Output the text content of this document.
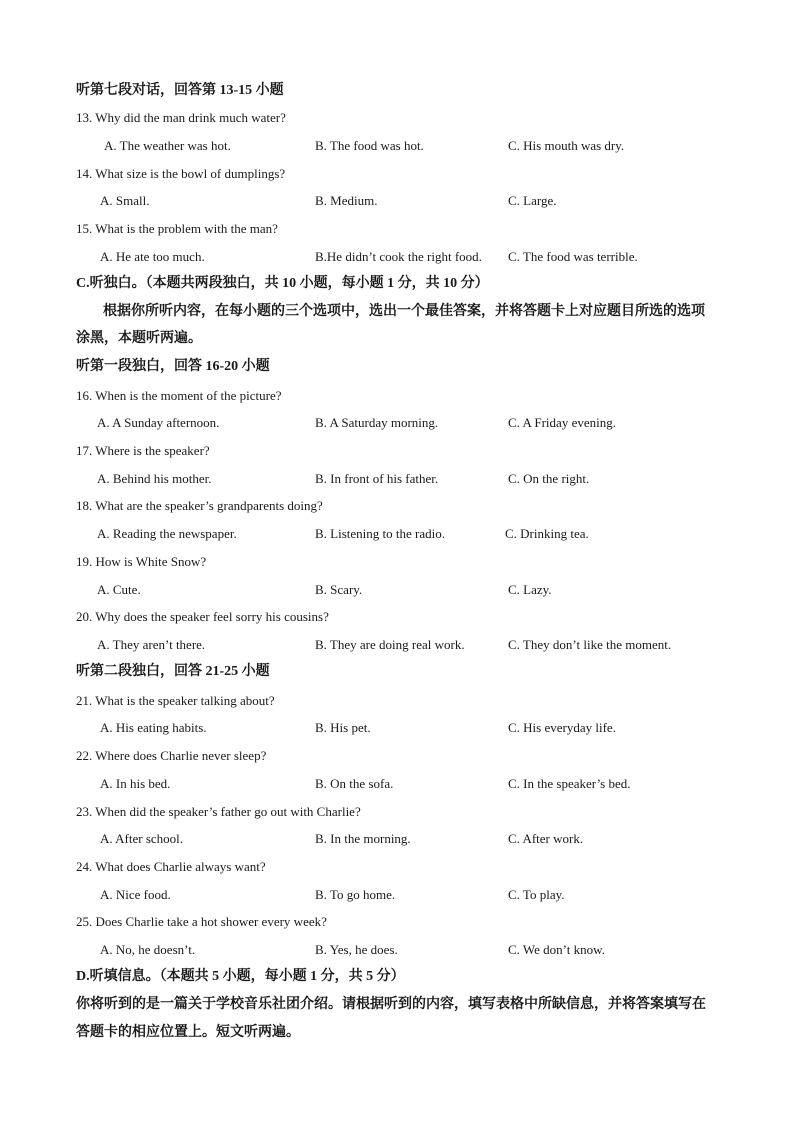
听第七段对话，回答第 13-15 小题
13. Why did the man drink much water?
A. The weather was hot.	B. The food was hot.	C. His mouth was dry.
14. What size is the bowl of dumplings?
A. Small.	B. Medium.	C. Large.
15. What is the problem with the man?
A. He ate too much.	B.He didn’t cook the right food. C. The food was terrible.
C.听独白。（本题共两段独白，共 10 小题，每小题 1 分，共 10 分）
根据你所听内容，在每小题的三个选项中，选出一个最佳答案，并将答题卡上对应题目所选的选项
涂黑，本题听两遍。
听第一段独白，回答 16-20 小题
16. When is the moment of the picture?
A. A Sunday afternoon.	B. A Saturday morning.	C. A Friday evening.
17. Where is the speaker?
A. Behind his mother.	B. In front of his father.	C. On the right.
18. What are the speaker’s grandparents doing?
A. Reading the newspaper.	B. Listening to the radio.	C. Drinking tea.
19. How is White Snow?
A. Cute.	B. Scary.	C. Lazy.
20. Why does the speaker feel sorry his cousins?
A. They aren’t there.	B. They are doing real work.	C. They don’t like the moment.
听第二段独白，回答 21-25 小题
21. What is the speaker talking about?
A. His eating habits.	B. His pet.	C. His everyday life.
22. Where does Charlie never sleep?
A. In his bed.	B. On the sofa.	C. In the speaker’s bed.
23. When did the speaker’s father go out with Charlie?
A. After school.	B. In the morning.	C. After work.
24. What does Charlie always want?
A. Nice food.	B. To go home.	C. To play.
25. Does Charlie take a hot shower every week?
A. No, he doesn’t.	B. Yes, he does.	C. We don’t know.
D.听填信息。（本题共 5 小题，每小题 1 分，共 5 分）
你将听到的是一篇关于学校音乐社团介绍。请根据听到的内容，填写表格中所缺信息，并将答案填写在
答题卡的相应位置上。短文听两遍。
